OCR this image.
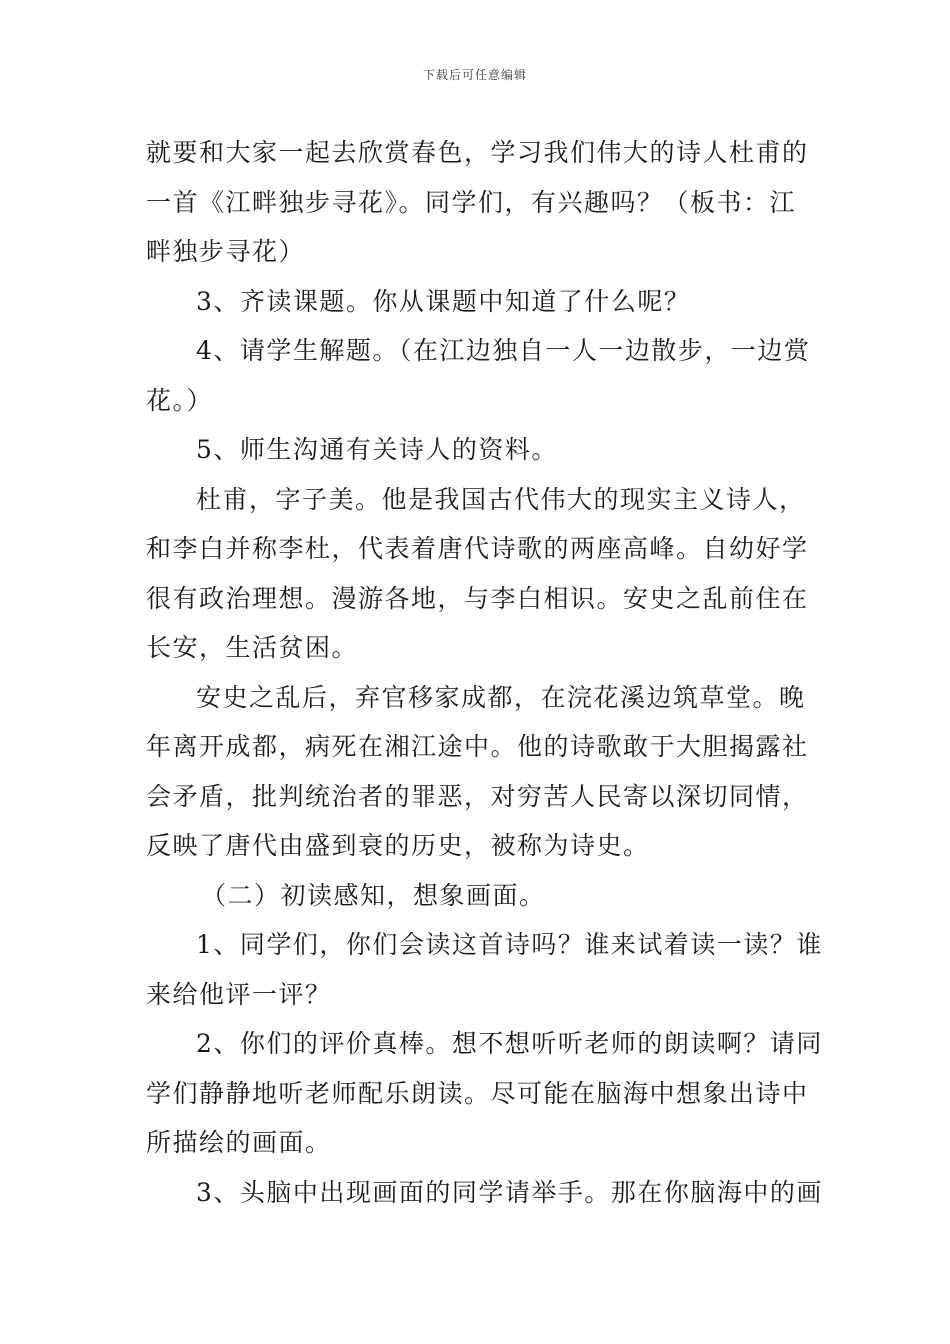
下载后可任意编辑
就要和大家一起去欣赏春色，学习我们伟大的诗人杜甫的
一首《江畔独步寻花》。同学们，有兴趣吗？（板书：江
畔独步寻花）
3、齐读课题。你从课题中知道了什么呢？
4、请学生解题。（在江边独自一人一边散步，一边赏
花。）
5、师生沟通有关诗人的资料。
杜甫，字子美。他是我国古代伟大的现实主义诗人，
和李白并称李杜，代表着唐代诗歌的两座高峰。自幼好学
很有政治理想。漫游各地，与李白相识。安史之乱前住在
长安，生活贫困。
安史之乱后，弃官移家成都，在浣花溪边筑草堂。晚
年离开成都，病死在湘江途中。他的诗歌敢于大胆揭露社
会矛盾，批判统治者的罪恶，对穷苦人民寄以深切同情，
反映了唐代由盛到衰的历史，被称为诗史。
（二）初读感知，想象画面。
1、同学们，你们会读这首诗吗？谁来试着读一读？谁
来给他评一评？
2、你们的评价真棒。想不想听听老师的朗读啊？请同
学们静静地听老师配乐朗读。尽可能在脑海中想象出诗中
所描绘的画面。
3、头脑中出现画面的同学请举手。那在你脑海中的画
